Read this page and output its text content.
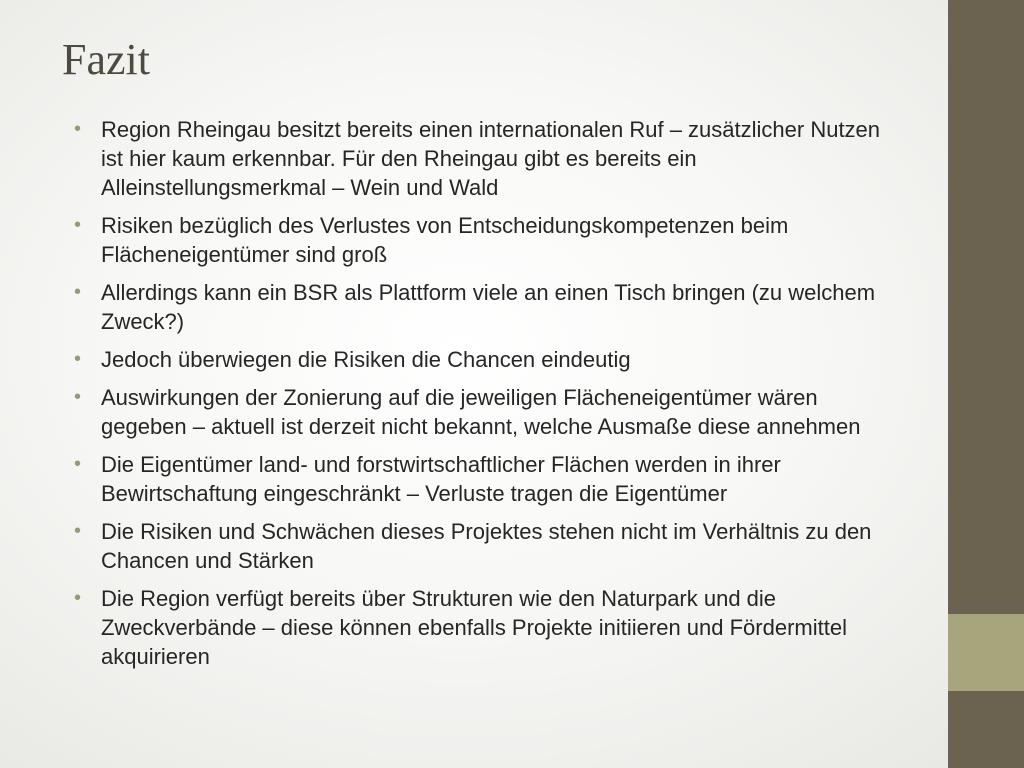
Fazit
• Region Rheingau besitzt bereits einen internationalen Ruf – zusätzlicher Nutzen ist hier kaum erkennbar. Für den Rheingau gibt es bereits ein Alleinstellungsmerkmal – Wein und Wald
• Risiken bezüglich des Verlustes von Entscheidungskompetenzen beim Flächeneigentümer sind groß
• Allerdings kann ein BSR als Plattform viele an einen Tisch bringen (zu welchem Zweck?)
• Jedoch überwiegen die Risiken die Chancen eindeutig
• Auswirkungen der Zonierung auf die jeweiligen Flächeneigentümer wären gegeben – aktuell ist derzeit nicht bekannt, welche Ausmaße diese annehmen
• Die Eigentümer land- und forstwirtschaftlicher Flächen werden in ihrer Bewirtschaftung eingeschränkt – Verluste tragen die Eigentümer
• Die Risiken und Schwächen dieses Projektes stehen nicht im Verhältnis zu den Chancen und Stärken
• Die Region verfügt bereits über Strukturen wie den Naturpark und die Zweckverbände – diese können ebenfalls Projekte initiieren und Fördermittel akquirieren
